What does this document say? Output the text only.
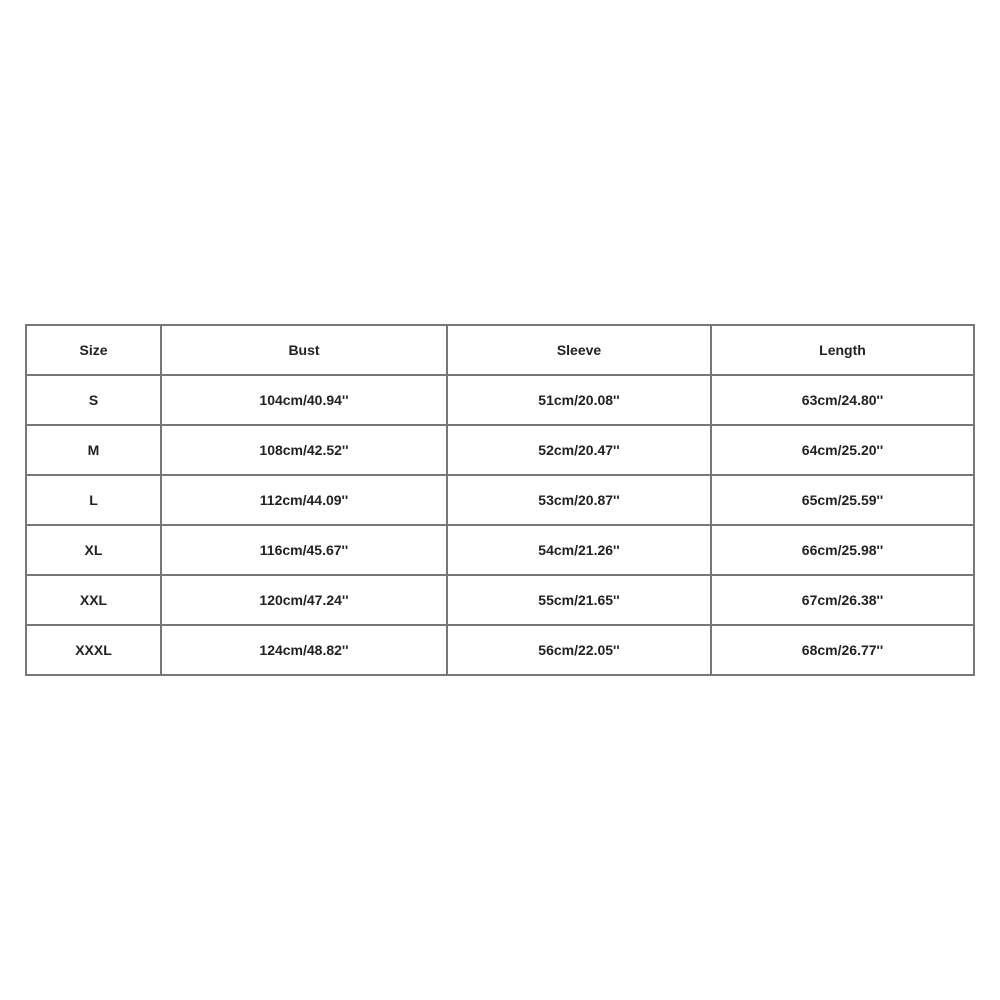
Size	Bust	Sleeve	Length
S	104cm/40.94''	51cm/20.08''	63cm/24.80''
M	108cm/42.52''	52cm/20.47''	64cm/25.20''
L	112cm/44.09''	53cm/20.87''	65cm/25.59''
XL	116cm/45.67''	54cm/21.26''	66cm/25.98''
XXL	120cm/47.24''	55cm/21.65''	67cm/26.38''
XXXL	124cm/48.82''	56cm/22.05''	68cm/26.77''
